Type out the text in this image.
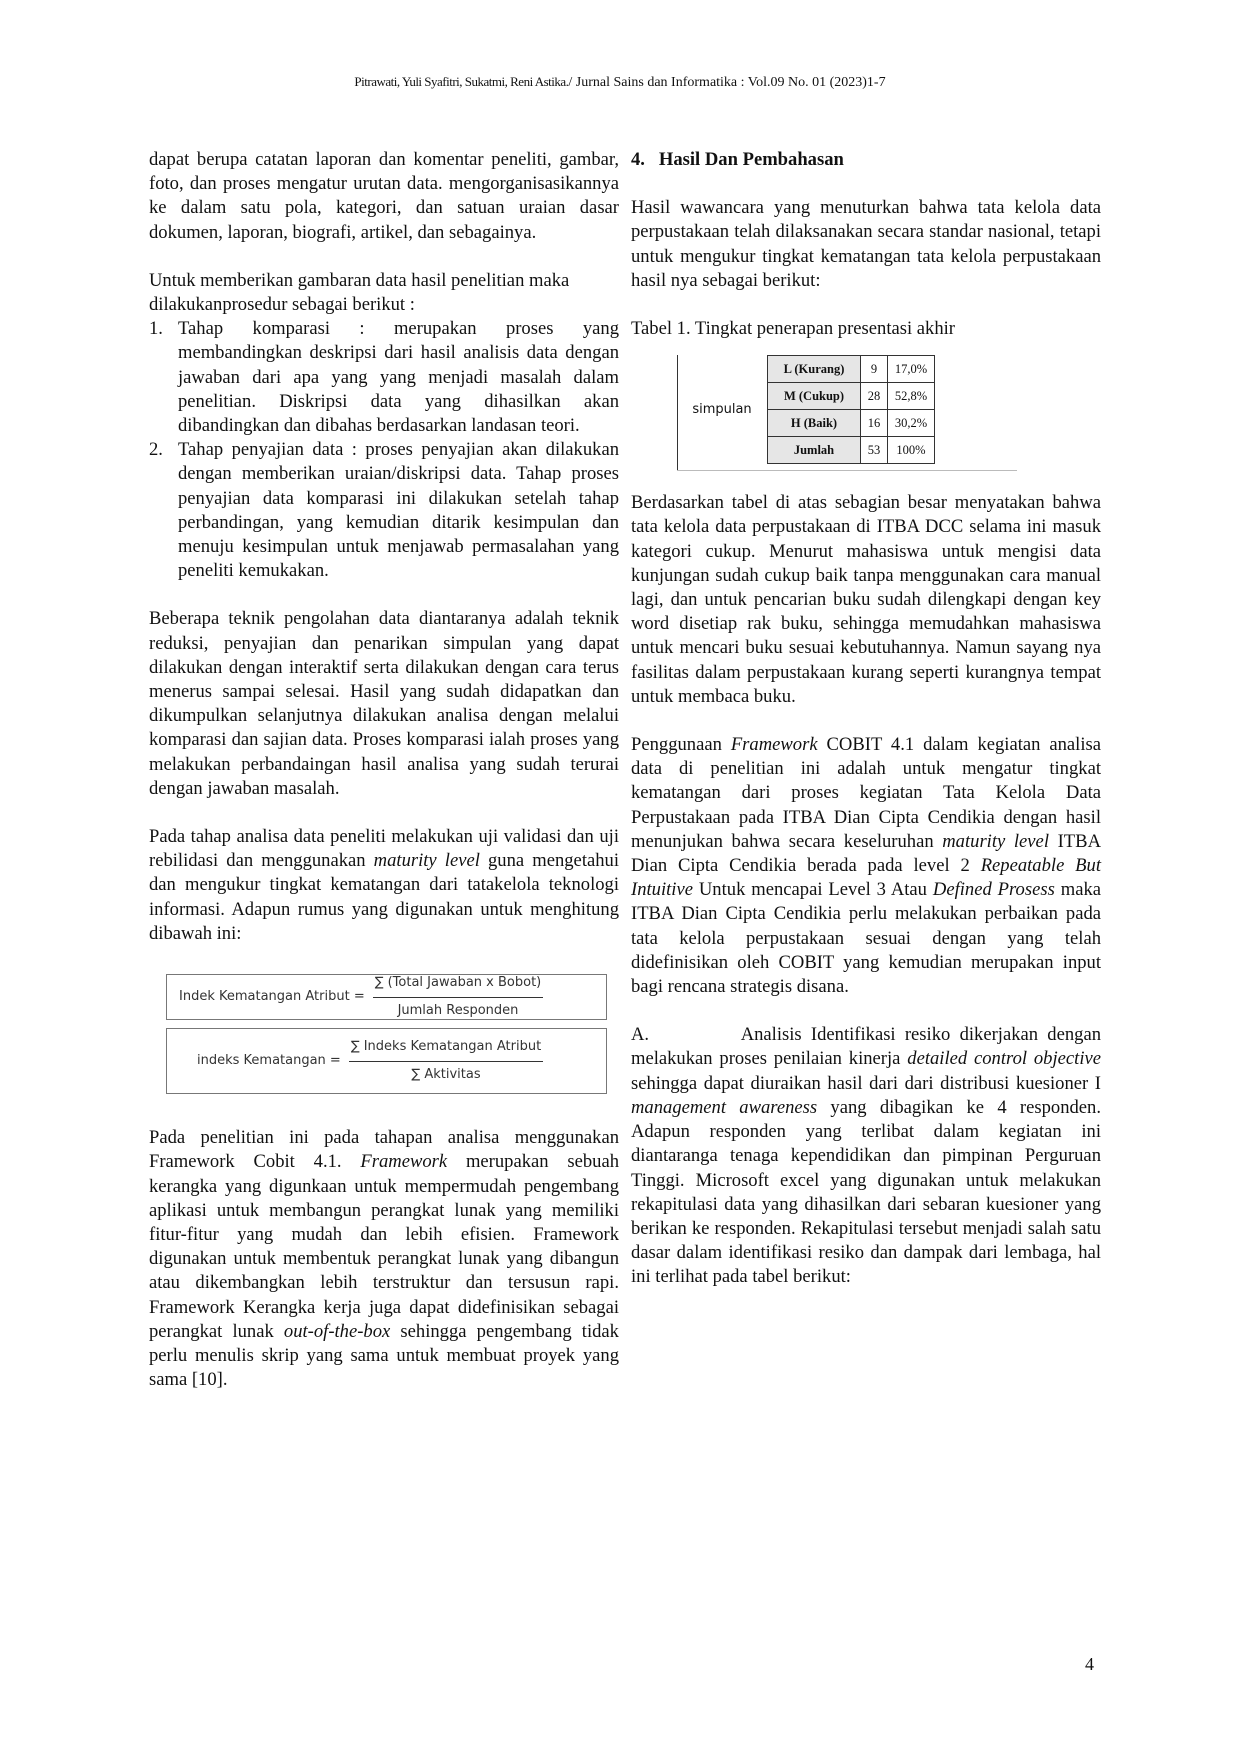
Pitrawati, Yuli Syafitri, Sukatmi, Reni Astika./ Jurnal Sains dan Informatika : Vol.09 No. 01 (2023)1-7

dapat berupa catatan laporan dan komentar peneliti, gambar, foto, dan proses mengatur urutan data. mengorganisasikannya ke dalam satu pola, kategori, dan satuan uraian dasar dokumen, laporan, biografi, artikel, dan sebagainya.

Untuk memberikan gambaran data hasil penelitian maka dilakukanprosedur sebagai berikut :

1. Tahap komparasi : merupakan proses yang membandingkan deskripsi dari hasil analisis data dengan jawaban dari apa yang yang menjadi masalah dalam penelitian. Diskripsi data yang dihasilkan akan dibandingkan dan dibahas berdasarkan landasan teori.
2. Tahap penyajian data : proses penyajian akan dilakukan dengan memberikan uraian/diskripsi data. Tahap proses penyajian data komparasi ini dilakukan setelah tahap perbandingan, yang kemudian ditarik kesimpulan dan menuju kesimpulan untuk menjawab permasalahan yang peneliti kemukakan.

Beberapa teknik pengolahan data diantaranya adalah teknik reduksi, penyajian dan penarikan simpulan yang dapat dilakukan dengan interaktif serta dilakukan dengan cara terus menerus sampai selesai. Hasil yang sudah didapatkan dan dikumpulkan selanjutnya dilakukan analisa dengan melalui komparasi dan sajian data. Proses komparasi ialah proses yang melakukan perbandaingan hasil analisa yang sudah terurai dengan jawaban masalah.

Pada tahap analisa data peneliti melakukan uji validasi dan uji rebilidasi dan menggunakan maturity level guna mengetahui dan mengukur tingkat kematangan dari tatakelola teknologi informasi. Adapun rumus yang digunakan untuk menghitung dibawah ini:

Indek Kematangan Atribut = $\frac{\text{∑ (Total Jawaban x Bobot)}}{\text{Jumlah Responden}}$
indeks Kematangan = $\frac{\text{∑ Indeks Kematangan Atribut}}{\text{∑ Aktivitas}}$

Pada penelitian ini pada tahapan analisa menggunakan Framework Cobit 4.1. Framework merupakan sebuah kerangka yang digunkaan untuk mempermudah pengembang aplikasi untuk membangun perangkat lunak yang memiliki fitur-fitur yang mudah dan lebih efisien. Framework digunakan untuk membentuk perangkat lunak yang dibangun atau dikembangkan lebih terstruktur dan tersusun rapi. Framework Kerangka kerja juga dapat didefinisikan sebagai perangkat lunak out-of-the-box sehingga pengembang tidak perlu menulis skrip yang sama untuk membuat proyek yang sama [10].

4.   Hasil Dan Pembahasan

Hasil wawancara yang menuturkan bahwa tata kelola data perpustakaan telah dilaksanakan secara standar nasional, tetapi untuk mengukur tingkat kematangan tata kelola perpustakaan hasil nya sebagai berikut:

Tabel 1. Tingkat penerapan presentasi akhir

simpulan	L (Kurang)	9	17,0%
	M (Cukup)	28	52,8%
	H (Baik)	16	30,2%
	Jumlah	53	100%

Berdasarkan tabel di atas sebagian besar menyatakan bahwa tata kelola data perpustakaan di ITBA DCC selama ini masuk kategori cukup. Menurut mahasiswa untuk mengisi data kunjungan sudah cukup baik tanpa menggunakan cara manual lagi, dan untuk pencarian buku sudah dilengkapi dengan key word disetiap rak buku, sehingga memudahkan mahasiswa untuk mencari buku sesuai kebutuhannya. Namun sayang nya fasilitas dalam perpustakaan kurang seperti kurangnya tempat untuk membaca buku.

Penggunaan Framework COBIT 4.1 dalam kegiatan analisa data di penelitian ini adalah untuk mengatur tingkat kematangan dari proses kegiatan Tata Kelola Data Perpustakaan pada ITBA Dian Cipta Cendikia dengan hasil menunjukan bahwa secara keseluruhan maturity level ITBA Dian Cipta Cendikia berada pada level 2 Repeatable But Intuitive Untuk mencapai Level 3 Atau Defined Prosess maka ITBA Dian Cipta Cendikia perlu melakukan perbaikan pada tata kelola perpustakaan sesuai dengan yang telah didefinisikan oleh COBIT yang kemudian merupakan input bagi rencana strategis disana.

A.          Analisis Identifikasi resiko dikerjakan dengan melakukan proses penilaian kinerja detailed control objective sehingga dapat diuraikan hasil dari dari distribusi kuesioner I management awareness yang dibagikan ke 4 responden. Adapun responden yang terlibat dalam kegiatan ini diantaranga tenaga kependidikan dan pimpinan Perguruan Tinggi. Microsoft excel yang digunakan untuk melakukan rekapitulasi data yang dihasilkan dari sebaran kuesioner yang berikan ke responden. Rekapitulasi tersebut menjadi salah satu dasar dalam identifikasi resiko dan dampak dari lembaga, hal ini terlihat pada tabel berikut:

4
